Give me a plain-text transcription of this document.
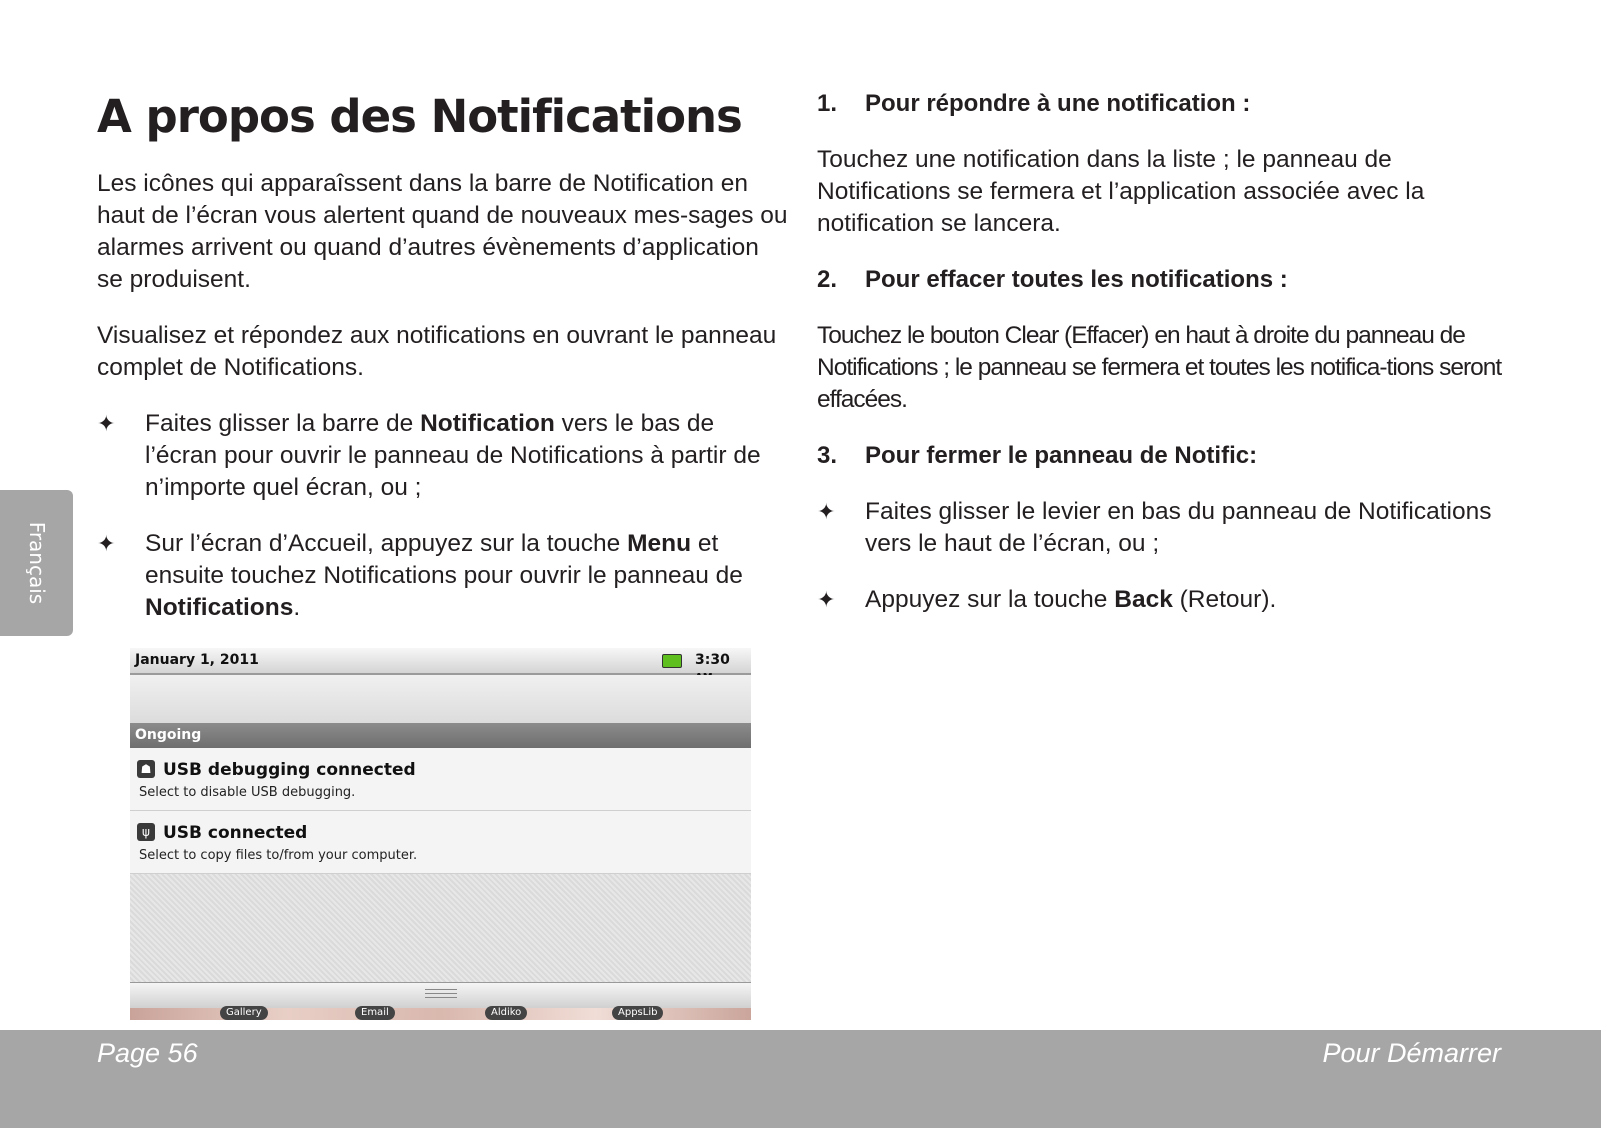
A propos des Notifications

Les icônes qui apparaîssent dans la barre de Notification en haut de l’écran vous alertent quand de nouveaux mes-sages ou alarmes arrivent ou quand d’autres évènements d’application se produisent.

Visualisez et répondez aux notifications en ouvrant le panneau complet de Notifications.

✦ Faites glisser la barre de Notification vers le bas de l’écran pour ouvrir le panneau de Notifications à partir de n’importe quel écran, ou ;
✦ Sur l’écran d’Accueil, appuyez sur la touche Menu et ensuite touchez Notifications pour ouvrir le panneau de Notifications.
1. Pour répondre à une notification :

Touchez une notification dans la liste ; le panneau de Notifications se fermera et l’application associée avec la notification se lancera.

2. Pour effacer toutes les notifications :

Touchez le bouton Clear (Effacer) en haut à droite du panneau de Notifications ; le panneau se fermera et toutes les notifica-tions seront effacées.

3. Pour fermer le panneau de Notific:
✦ Faites glisser le levier en bas du panneau de Notifications vers le haut de l’écran, ou ;
✦ Appuyez sur la touche Back (Retour).
Français
January 1, 2011	3:30
Ongoing
☗ USB debugging connected
Select to disable USB debugging.
ψ USB connected
Select to copy files to/from your computer.
Gallery	Email	Aldiko	AppsLib
Page 56	Pour Démarrer
